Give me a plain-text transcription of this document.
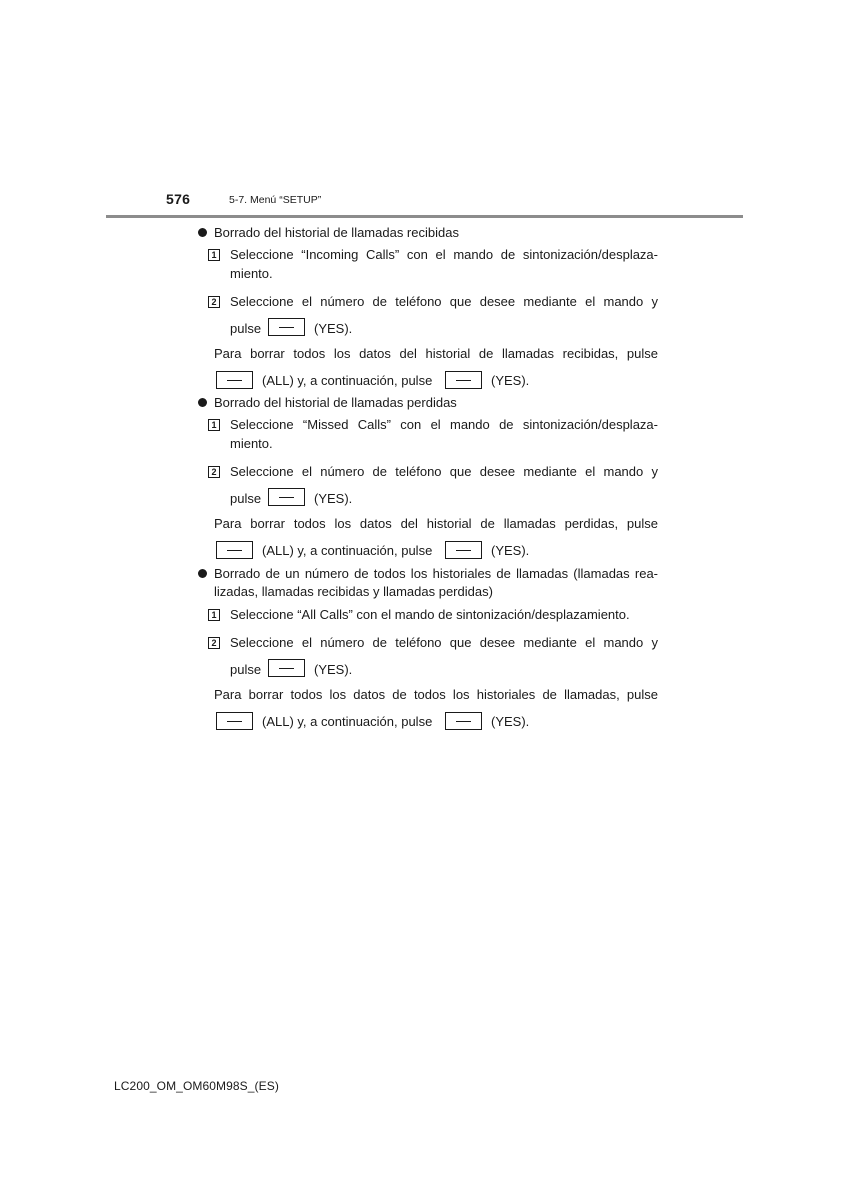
576	5-7. Menú “SETUP”
Borrado del historial de llamadas recibidas
1 Seleccione “Incoming Calls” con el mando de sintonización/desplaza-
miento.
2 Seleccione el número de teléfono que desee mediante el mando y
pulse	(YES).
Para borrar todos los datos del historial de llamadas recibidas, pulse
(ALL) y, a continuación, pulse	(YES).
Borrado del historial de llamadas perdidas
1 Seleccione “Missed Calls” con el mando de sintonización/desplaza-
miento.
2 Seleccione el número de teléfono que desee mediante el mando y
pulse	(YES).
Para borrar todos los datos del historial de llamadas perdidas, pulse
(ALL) y, a continuación, pulse	(YES).
Borrado de un número de todos los historiales de llamadas (llamadas rea-
lizadas, llamadas recibidas y llamadas perdidas)
1 Seleccione “All Calls” con el mando de sintonización/desplazamiento.
2 Seleccione el número de teléfono que desee mediante el mando y
pulse	(YES).
Para borrar todos los datos de todos los historiales de llamadas, pulse
(ALL) y, a continuación, pulse	(YES).
LC200_OM_OM60M98S_(ES)
